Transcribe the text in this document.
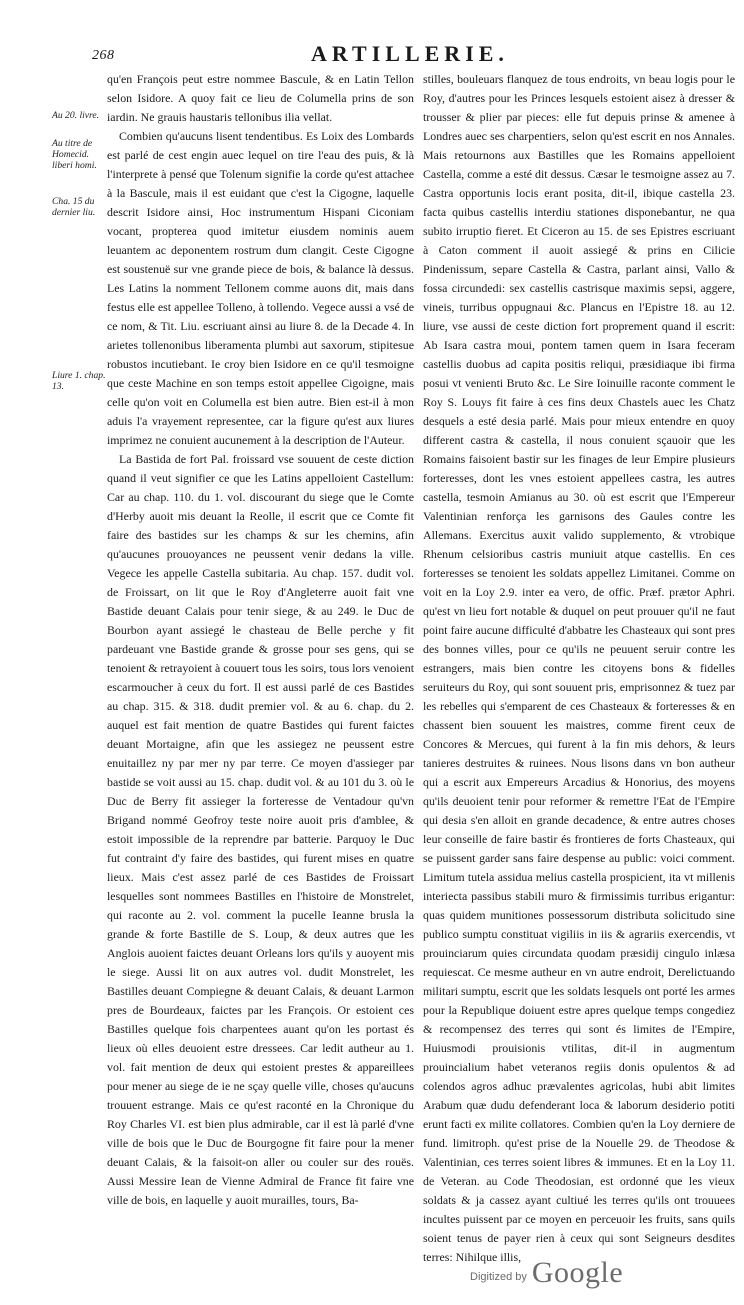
268	ARTILLERIE.
Au 20. livre.
Au titre de Homecid. liberi homi.
Cha. 15 du dernier liu.
Liure 1. chap. 13.

qu'en François peut estre nommee Bascule, & en Latin Tellon selon Isidore. A quoy fait ce lieu de Columella prins de son iardin. Ne grauis haustaris tellonibus ilia vellat.

Combien qu'aucuns lisent tendentibus. Es Loix des Lombards est parlé de cest engin auec lequel on tire l'eau des puis, & là l'interprete à pensé que Tolenum signifie la corde qu'est attachee à la Bascule, mais il est euidant que c'est la Cigogne, laquelle descrit Isidore ainsi, Hoc instrumentum Hispani Ciconiam vocant, propterea quod imitetur eiusdem nominis auem leuantem ac deponentem rostrum dum clangit. Ceste Cigogne est soustenuë sur vne grande piece de bois, & balance là dessus. Les Latins la nomment Tellonem comme auons dit, mais dans festus elle est appellee Tolleno, à tollendo. Vegece aussi a vsé de ce nom, & Tit. Liu. escriuant ainsi au liure 8. de la Decade 4. In arietes tollenonibus liberamenta plumbi aut saxorum, stipitesue robustos incutiebant. Ie croy bien Isidore en ce qu'il tesmoigne que ceste Machine en son temps estoit appellee Cigoigne, mais celle qu'on voit en Columella est bien autre. Bien est-il à mon aduis l'a vrayement representee, car la figure qu'est aux liures imprimez ne conuient aucunement à la description de l'Auteur.

La Bastida de fort Pal. froissard vse souuent de ceste diction quand il veut signifier ce que les Latins appelloient Castellum: Car au chap. 110. du 1. vol. discourant du siege que le Comte d'Herby auoit mis deuant la Reolle, il escrit que ce Comte fit faire des bastides sur les champs & sur les chemins, afin qu'aucunes prouoyances ne peussent venir dedans la ville. Vegece les appelle Castella subitaria. Au chap. 157. dudit vol. de Froissart, on lit que le Roy d'Angleterre auoit fait vne Bastide deuant Calais pour tenir siege, & au 249. le Duc de Bourbon ayant assiegé le chasteau de Belle perche y fit pardeuant vne Bastide grande & grosse pour ses gens, qui se tenoient & retrayoient à couuert tous les soirs, tous lors venoient escarmoucher à ceux du fort. Il est aussi parlé de ces Bastides au chap. 315. & 318. dudit premier vol. & au 6. chap. du 2. auquel est fait mention de quatre Bastides qui furent faictes deuant Mortaigne, afin que les assiegez ne peussent estre enuitaillez ny par mer ny par terre. Ce moyen d'assieger par bastide se voit aussi au 15. chap. dudit vol. & au 101 du 3. où le Duc de Berry fit assieger la forteresse de Ventadour qu'vn Brigand nommé Geofroy teste noire auoit pris d'amblee, & estoit impossible de la reprendre par batterie. Parquoy le Duc fut contraint d'y faire des bastides, qui furent mises en quatre lieux. Mais c'est assez parlé de ces Bastides de Froissart lesquelles sont nommees Bastilles en l'histoire de Monstrelet, qui raconte au 2. vol. comment la pucelle Ieanne brusla la grande & forte Bastille de S. Loup, & deux autres que les Anglois auoient faictes deuant Orleans lors qu'ils y auoyent mis le siege. Aussi lit on aux autres vol. dudit Monstrelet, les Bastilles deuant Compiegne & deuant Calais, & deuant Larmon pres de Bourdeaux, faictes par les François. Or estoient ces Bastilles quelque fois charpentees auant qu'on les portast és lieux où elles deuoient estre dressees. Car ledit autheur au 1. vol. fait mention de deux qui estoient prestes & appareillees pour mener au siege de ie ne sçay quelle ville, choses qu'aucuns trouuent estrange. Mais ce qu'est raconté en la Chronique du Roy Charles VI. est bien plus admirable, car il est là parlé d'vne ville de bois que le Duc de Bourgogne fit faire pour la mener deuant Calais, & la faisoit-on aller ou couler sur des rouës. Aussi Messire Iean de Vienne Admiral de France fit faire vne ville de bois, en laquelle y auoit murailles, tours, Ba-

stilles, bouleuars flanquez de tous endroits, vn beau logis pour le Roy, d'autres pour les Princes lesquels estoient aisez à dresser & trousser & plier par pieces: elle fut depuis prinse & amenee à Londres auec ses charpentiers, selon qu'est escrit en nos Annales. Mais retournons aux Bastilles que les Romains appelloient Castella, comme a esté dit dessus. Cæsar le tesmoigne assez au 7. Castra opportunis locis erant posita, dit-il, ibique castella 23. facta quibus castellis interdiu stationes disponebantur, ne qua subito irruptio fieret. Et Ciceron au 15. de ses Epistres escriuant à Caton comment il auoit assiegé & prins en Cilicie Pindenissum, separe Castella & Castra, parlant ainsi, Vallo & fossa circundedi: sex castellis castrisque maximis sepsi, aggere, vineis, turribus oppugnaui &c. Plancus en l'Epistre 18. au 12. liure, vse aussi de ceste diction fort proprement quand il escrit: Ab Isara castra moui, pontem tamen quem in Isara feceram castellis duobus ad capita positis reliqui, præsidiaque ibi firma posui vt venienti Bruto &c. Le Sire Ioinuille raconte comment le Roy S. Louys fit faire à ces fins deux Chastels auec les Chatz desquels a esté desia parlé. Mais pour mieux entendre en quoy different castra & castella, il nous conuient sçauoir que les Romains faisoient bastir sur les finages de leur Empire plusieurs forteresses, dont les vnes estoient appellees castra, les autres castella, tesmoin Amianus au 30. où est escrit que l'Empereur Valentinian renforça les garnisons des Gaules contre les Allemans. Exercitus auxit valido supplemento, & vtrobique Rhenum celsioribus castris muniuit atque castellis. En ces forteresses se tenoient les soldats appellez Limitanei. Comme on voit en la Loy 2.9. inter ea vero, de offic. Præf. prætor Aphri. qu'est vn lieu fort notable & duquel on peut prouuer qu'il ne faut point faire aucune difficulté d'abbatre les Chasteaux qui sont pres des bonnes villes, pour ce qu'ils ne peuuent seruir contre les estrangers, mais bien contre les citoyens bons & fidelles seruiteurs du Roy, qui sont souuent pris, emprisonnez & tuez par les rebelles qui s'emparent de ces Chasteaux & forteresses & en chassent bien souuent les maistres, comme firent ceux de Concores & Mercues, qui furent à la fin mis dehors, & leurs tanieres destruites & ruinees. Nous lisons dans vn bon autheur qui a escrit aux Empereurs Arcadius & Honorius, des moyens qu'ils deuoient tenir pour reformer & remettre l'Eat de l'Empire qui desia s'en alloit en grande decadence, & entre autres choses leur conseille de faire bastir és frontieres de forts Chasteaux, qui se puissent garder sans faire despense au public: voici comment. Limitum tutela assidua melius castella prospicient, ita vt millenis interiecta passibus stabili muro & firmissimis turribus erigantur: quas quidem munitiones possessorum distributa solicitudo sine publico sumptu constituat vigiliis in iis & agrariis exercendis, vt prouinciarum quies circundata quodam præsidij cingulo inlæsa requiescat. Ce mesme autheur en vn autre endroit, Derelictuando militari sumptu, escrit que les soldats lesquels ont porté les armes pour la Republique doiuent estre apres quelque temps congediez & recompensez des terres qui sont és limites de l'Empire, Huiusmodi prouisionis vtilitas, dit-il in augmentum prouincialium habet veteranos regiis donis opulentos & ad colendos agros adhuc prævalentes agricolas, hubi abit limites Arabum quæ dudu defenderant loca & laborum desiderio potiti erunt facti ex milite collatores. Combien qu'en la Loy derniere de fund. limitroph. qu'est prise de la Nouelle 29. de Theodose & Valentinian, ces terres soient libres & immunes. Et en la Loy 11. de Veteran. au Code Theodosian, est ordonné que les vieux soldats & ja cassez ayant cultiué les terres qu'ils ont trouuees incultes puissent par ce moyen en perceuoir les fruits, sans quils soient tenus de payer rien à ceux qui sont Seigneurs desdites terres: Nihilque illis,

Digitized by Google
